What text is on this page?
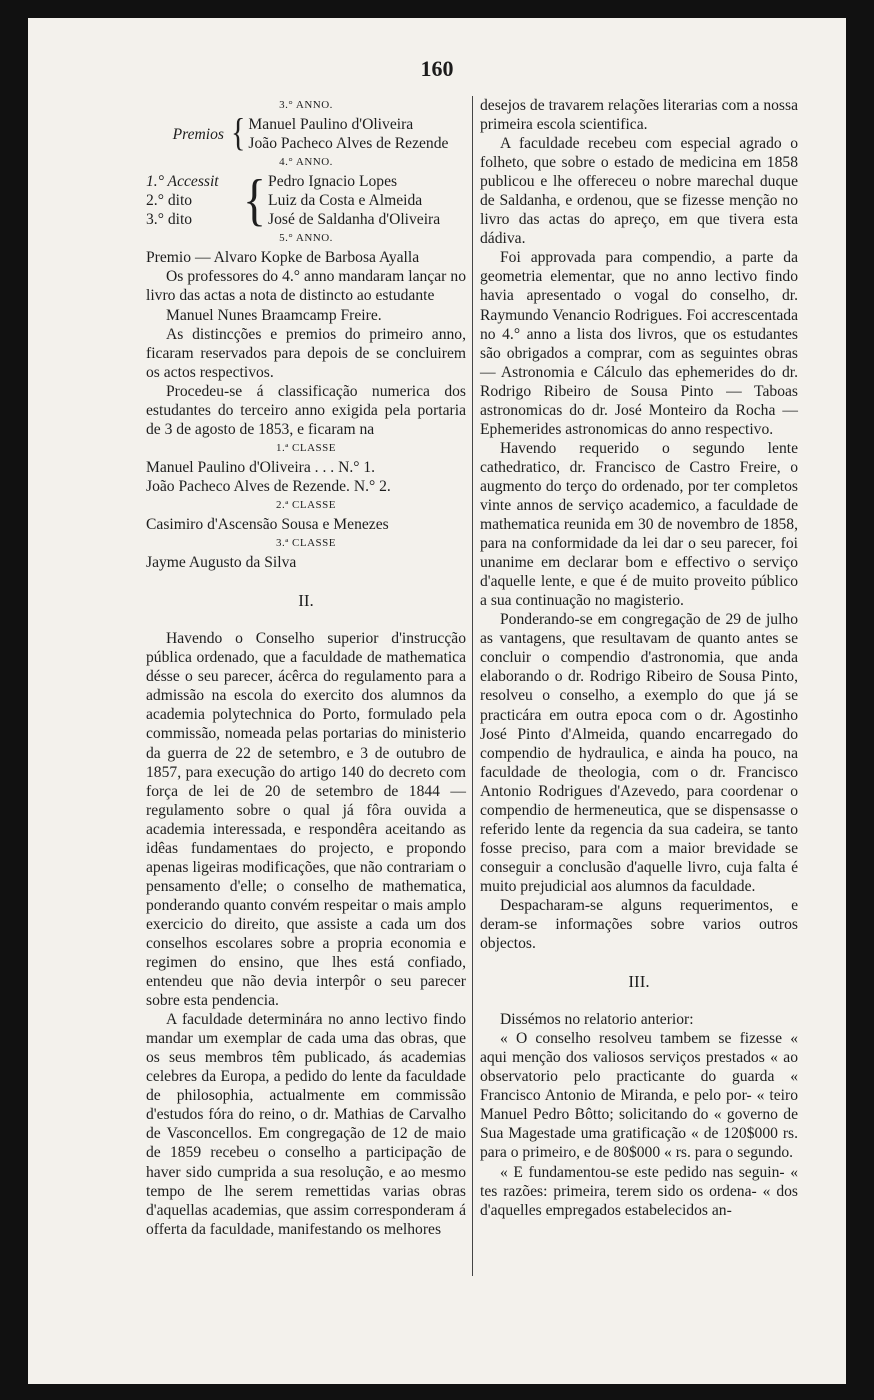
160

3.° ANNO.

Premios { Manuel Paulino d'Oliveira
João Pacheco Alves de Rezende

4.° ANNO.

1.° Accessit
2.° dito
3.° dito	{ Pedro Ignacio Lopes
Luiz da Costa e Almeida
José de Saldanha d'Oliveira

5.° ANNO.

Premio — Alvaro Kopke de Barbosa Ayalla

Os professores do 4.° anno mandaram lançar no livro das actas a nota de distincto ao estudante

Manuel Nunes Braamcamp Freire.

As distincções e premios do primeiro anno, ficaram reservados para depois de se concluirem os actos respectivos.

Procedeu-se á classificação numerica dos estudantes do terceiro anno exigida pela portaria de 3 de agosto de 1853, e ficaram na

1.ª CLASSE

Manuel Paulino d'Oliveira . . . N.° 1.

João Pacheco Alves de Rezende. N.° 2.

2.ª CLASSE

Casimiro d'Ascensão Sousa e Menezes

3.ª CLASSE

Jayme Augusto da Silva

II.

Havendo o Conselho superior d'instrucção pública ordenado, que a faculdade de mathematica désse o seu parecer, ácêrca do regulamento para a admissão na escola do exercito dos alumnos da academia polytechnica do Porto, formulado pela commissão, nomeada pelas portarias do ministerio da guerra de 22 de setembro, e 3 de outubro de 1857, para execução do artigo 140 do decreto com força de lei de 20 de setembro de 1844 — regulamento sobre o qual já fôra ouvida a academia interessada, e respondêra aceitando as idêas fundamentaes do projecto, e propondo apenas ligeiras modificações, que não contrariam o pensamento d'elle; o conselho de mathematica, ponderando quanto convém respeitar o mais amplo exercicio do direito, que assiste a cada um dos conselhos escolares sobre a propria economia e regimen do ensino, que lhes está confiado, entendeu que não devia interpôr o seu parecer sobre esta pendencia.

A faculdade determinára no anno lectivo findo mandar um exemplar de cada uma das obras, que os seus membros têm publicado, ás academias celebres da Europa, a pedido do lente da faculdade de philosophia, actualmente em commissão d'estudos fóra do reino, o dr. Mathias de Carvalho de Vasconcellos. Em congregação de 12 de maio de 1859 recebeu o conselho a participação de haver sido cumprida a sua resolução, e ao mesmo tempo de lhe serem remettidas varias obras d'aquellas academias, que assim corresponderam á offerta da faculdade, manifestando os melhores

desejos de travarem relações literarias com a nossa primeira escola scientifica.

A faculdade recebeu com especial agrado o folheto, que sobre o estado de medicina em 1858 publicou e lhe offereceu o nobre marechal duque de Saldanha, e ordenou, que se fizesse menção no livro das actas do apreço, em que tivera esta dádiva.

Foi approvada para compendio, a parte da geometria elementar, que no anno lectivo findo havia apresentado o vogal do conselho, dr. Raymundo Venancio Rodrigues. Foi accrescentada no 4.° anno a lista dos livros, que os estudantes são obrigados a comprar, com as seguintes obras — Astronomia e Cálculo das ephemerides do dr. Rodrigo Ribeiro de Sousa Pinto — Taboas astronomicas do dr. José Monteiro da Rocha — Ephemerides astronomicas do anno respectivo.

Havendo requerido o segundo lente cathedratico, dr. Francisco de Castro Freire, o augmento do terço do ordenado, por ter completos vinte annos de serviço academico, a faculdade de mathematica reunida em 30 de novembro de 1858, para na conformidade da lei dar o seu parecer, foi unanime em declarar bom e effectivo o serviço d'aquelle lente, e que é de muito proveito público a sua continuação no magisterio.

Ponderando-se em congregação de 29 de julho as vantagens, que resultavam de quanto antes se concluir o compendio d'astronomia, que anda elaborando o dr. Rodrigo Ribeiro de Sousa Pinto, resolveu o conselho, a exemplo do que já se practicára em outra epoca com o dr. Agostinho José Pinto d'Almeida, quando encarregado do compendio de hydraulica, e ainda ha pouco, na faculdade de theologia, com o dr. Francisco Antonio Rodrigues d'Azevedo, para coordenar o compendio de hermeneutica, que se dispensasse o referido lente da regencia da sua cadeira, se tanto fosse preciso, para com a maior brevidade se conseguir a conclusão d'aquelle livro, cuja falta é muito prejudicial aos alumnos da faculdade.

Despacharam-se alguns requerimentos, e deram-se informações sobre varios outros objectos.

III.

Dissémos no relatorio anterior:

« O conselho resolveu tambem se fizesse « aqui menção dos valiosos serviços prestados « ao observatorio pelo practicante do guarda « Francisco Antonio de Miranda, e pelo por- « teiro Manuel Pedro Bôtto; solicitando do « governo de Sua Magestade uma gratificação « de 120$000 rs. para o primeiro, e de 80$000 « rs. para o segundo.

« E fundamentou-se este pedido nas seguin- « tes razões: primeira, terem sido os ordena- « dos d'aquelles empregados estabelecidos an-
